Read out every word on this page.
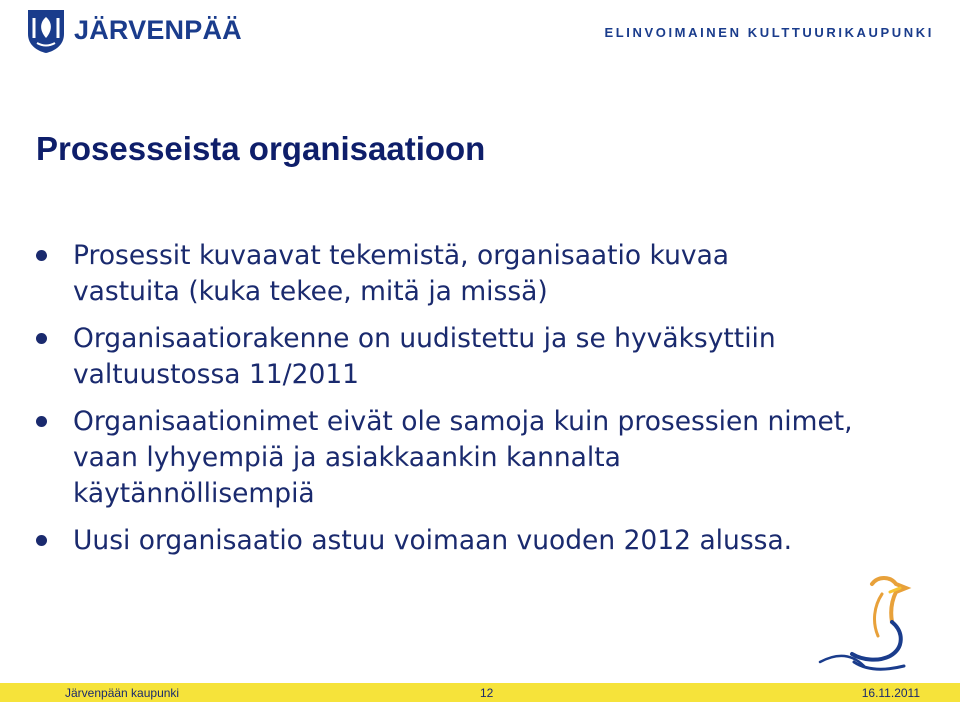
JÄRVENPÄÄ	ELINVOIMAINEN KULTTUURIKAUPUNKI
Prosesseista organisaatioon
Prosessit kuvaavat tekemistä, organisaatio kuvaa vastuita (kuka tekee, mitä ja missä)
Organisaatiorakenne on uudistettu ja se hyväksyttiin valtuustossa 11/2011
Organisaationimet eivät ole samoja kuin prosessien nimet, vaan lyhyempiä ja asiakkaankin kannalta käytännöllisempiä
Uusi organisaatio astuu voimaan vuoden 2012 alussa.
Järvenpään kaupunki	12	16.11.2011
